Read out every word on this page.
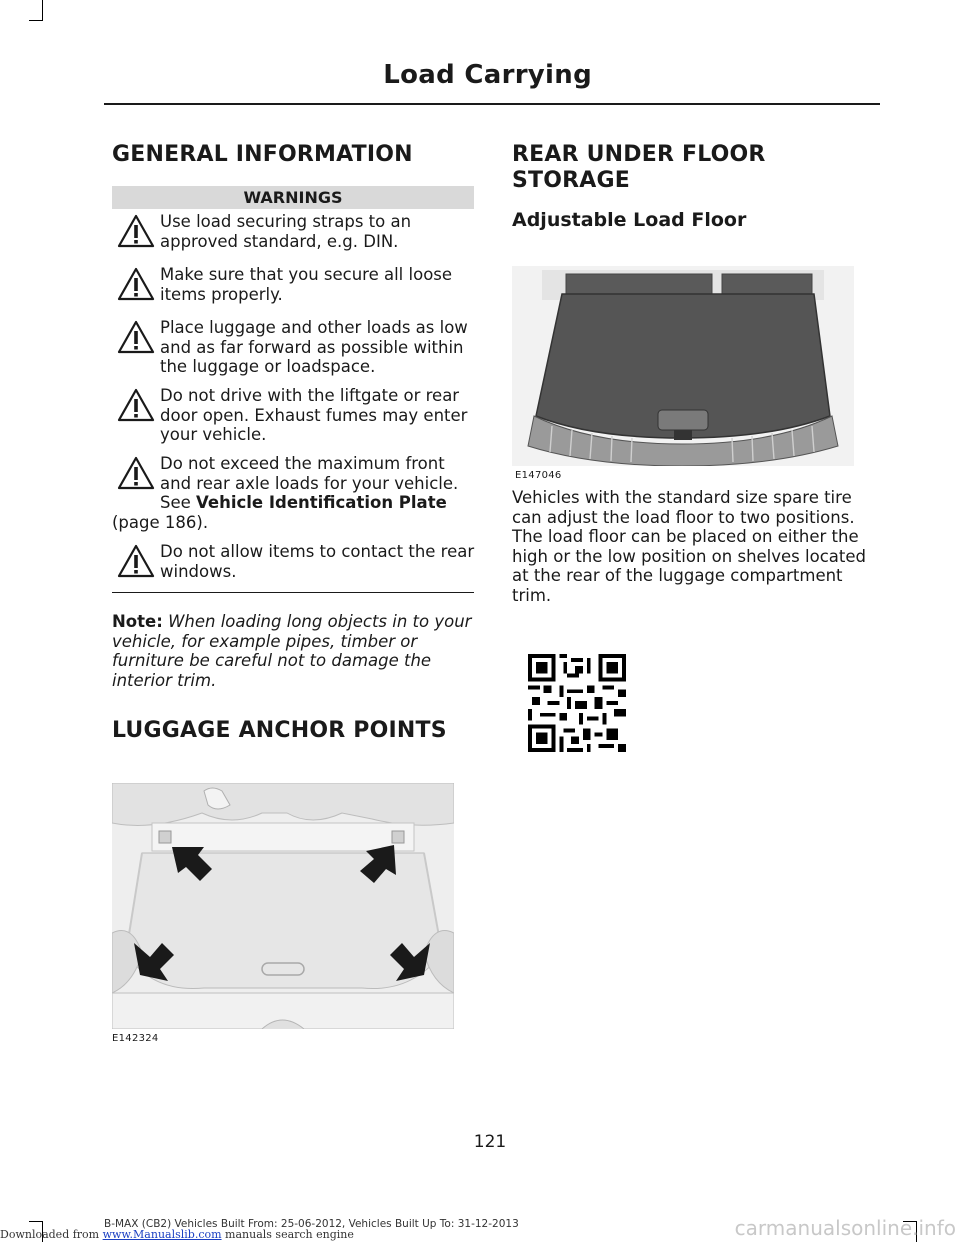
Load Carrying
GENERAL INFORMATION
WARNINGS
Use load securing straps to an approved standard, e.g. DIN.
Make sure that you secure all loose items properly.
Place luggage and other loads as low and as far forward as possible within the luggage or loadspace.
Do not drive with the liftgate or rear door open. Exhaust fumes may enter your vehicle.
Do not exceed the maximum front and rear axle loads for your vehicle. See Vehicle Identification Plate
(page 186).
Do not allow items to contact the rear windows.
Note: When loading long objects in to your vehicle, for example pipes, timber or furniture be careful not to damage the interior trim.
LUGGAGE ANCHOR POINTS
E142324
REAR UNDER FLOOR
STORAGE
Adjustable Load Floor
E147046
Vehicles with the standard size spare tire can adjust the load floor to two positions. The load floor can be placed on either the high or the low position on shelves located at the rear of the luggage compartment trim.
121
B-MAX (CB2) Vehicles Built From: 25-06-2012, Vehicles Built Up To: 31-12-2013
Downloaded from www.Manualslib.com manuals search engine	carmanualsonline.info
